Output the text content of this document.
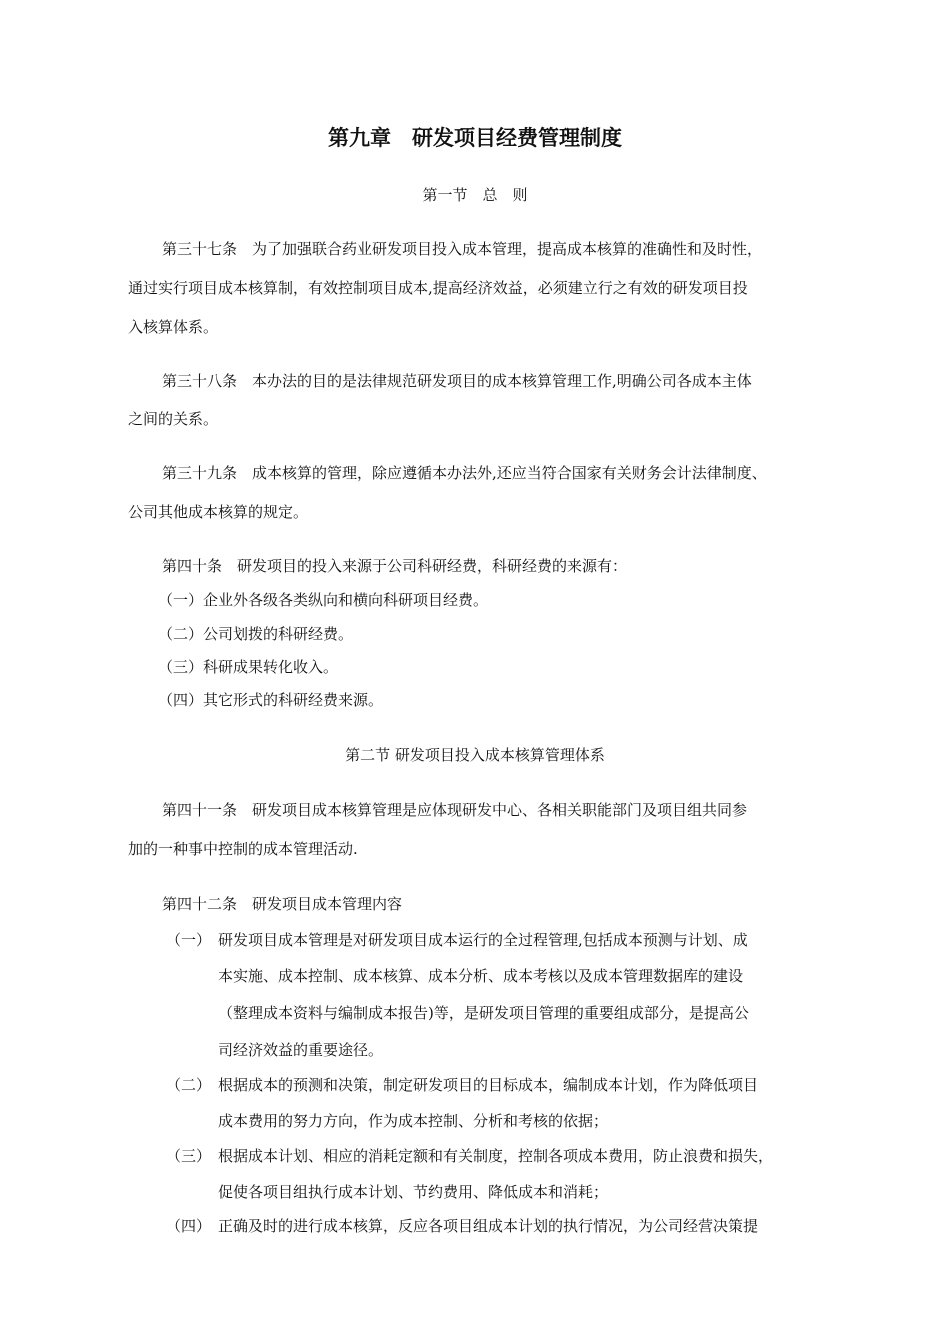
第九章　研发项目经费管理制度
第一节　总　则
第三十七条　为了加强联合药业研发项目投入成本管理，提高成本核算的准确性和及时性，
通过实行项目成本核算制，有效控制项目成本,提高经济效益，必须建立行之有效的研发项目投
入核算体系。
第三十八条　本办法的目的是法律规范研发项目的成本核算管理工作,明确公司各成本主体
之间的关系。
第三十九条　成本核算的管理，除应遵循本办法外,还应当符合国家有关财务会计法律制度、
公司其他成本核算的规定。
第四十条　研发项目的投入来源于公司科研经费，科研经费的来源有：
（一）企业外各级各类纵向和横向科研项目经费。
（二）公司划拨的科研经费。
（三）科研成果转化收入。
（四）其它形式的科研经费来源。
第二节 研发项目投入成本核算管理体系
第四十一条　研发项目成本核算管理是应体现研发中心、各相关职能部门及项目组共同参
加的一种事中控制的成本管理活动.
第四十二条　研发项目成本管理内容
（一） 研发项目成本管理是对研发项目成本运行的全过程管理,包括成本预测与计划、成
本实施、成本控制、成本核算、成本分析、成本考核以及成本管理数据库的建设
（整理成本资料与编制成本报告)等，是研发项目管理的重要组成部分，是提高公
司经济效益的重要途径。
（二） 根据成本的预测和决策，制定研发项目的目标成本，编制成本计划，作为降低项目
成本费用的努力方向，作为成本控制、分析和考核的依据；
（三） 根据成本计划、相应的消耗定额和有关制度，控制各项成本费用，防止浪费和损失，
促使各项目组执行成本计划、节约费用、降低成本和消耗；
（四） 正确及时的进行成本核算，反应各项目组成本计划的执行情况，为公司经营决策提
